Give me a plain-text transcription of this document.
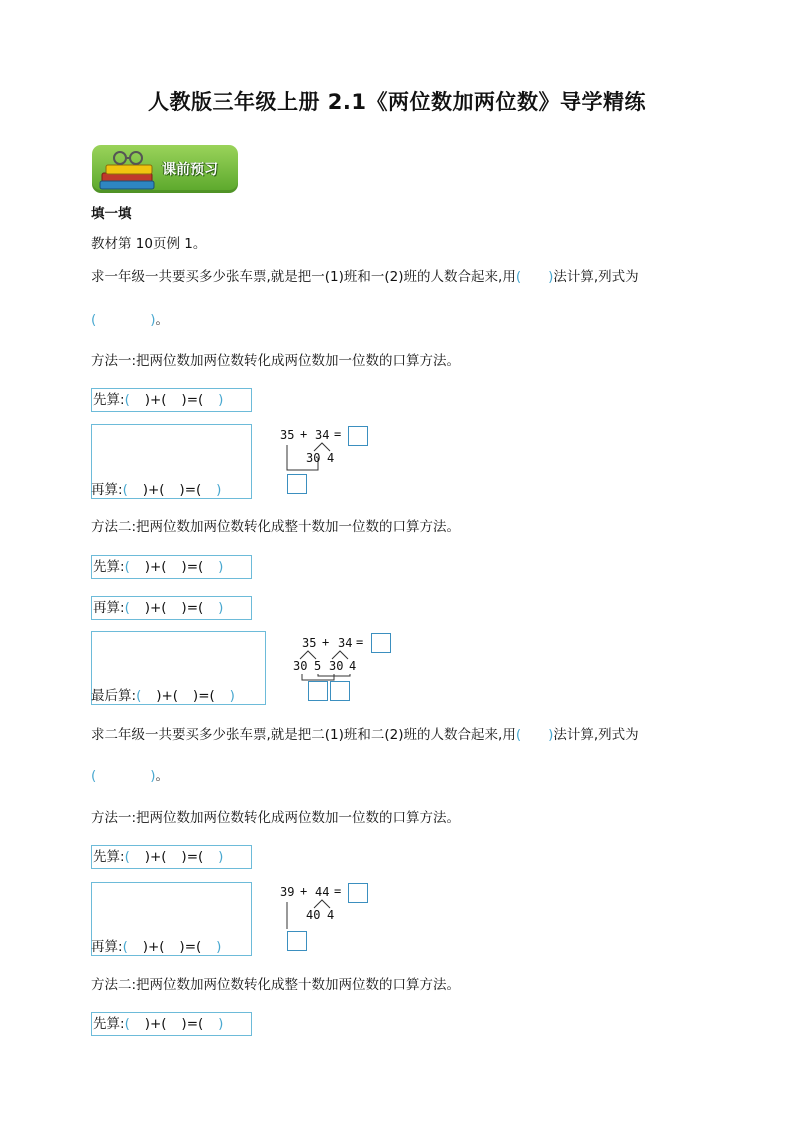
人教版三年级上册 2.1《两位数加两位数》导学精练
课前预习
填一填
教材第 10页例 1。
求一年级一共要买多少张车票,就是把一(1)班和一(2)班的人数合起来,用(　　)法计算,列式为
(　　　　)。
方法一:把两位数加两位数转化成两位数加一位数的口算方法。
先算:(　  )+(　  )=(　  )
再算:(　  )+(　  )=(　  )
35 + 34 =
30 4
方法二:把两位数加两位数转化成整十数加一位数的口算方法。
先算:(　  )+(　  )=(　  )
再算:(　  )+(　  )=(　  )
最后算:(　  )+(　  )=(　  )
35 + 34 =
30 5 30 4
求二年级一共要买多少张车票,就是把二(1)班和二(2)班的人数合起来,用(　　)法计算,列式为
(　　　　)。
方法一:把两位数加两位数转化成两位数加一位数的口算方法。
先算:(　  )+(　  )=(　  )
再算:(　  )+(　  )=(　  )
39 + 44 =
40 4
方法二:把两位数加两位数转化成整十数加两位数的口算方法。
先算:(　  )+(　  )=(　  )
